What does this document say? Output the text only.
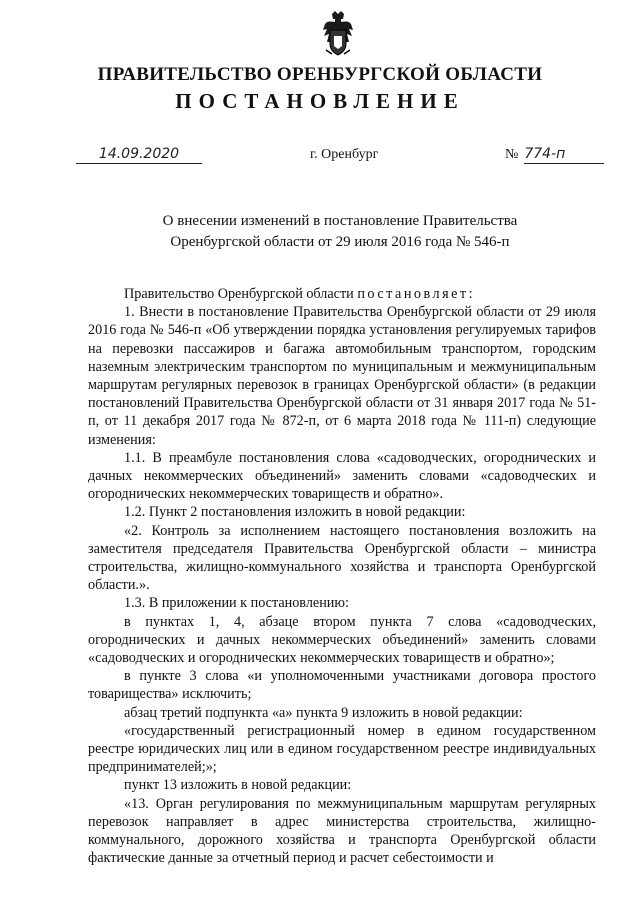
ПРАВИТЕЛЬСТВО ОРЕНБУРГСКОЙ ОБЛАСТИ
ПОСТАНОВЛЕНИЕ
14.09.2020	г. Оренбург	№ 774-п
О внесении изменений в постановление Правительства
Оренбургской области от 29 июля 2016 года № 546-п

Правительство Оренбургской области постановляет:

1. Внести в постановление Правительства Оренбургской области от 29 июля 2016 года № 546-п «Об утверждении порядка установления регулируемых тарифов на перевозки пассажиров и багажа автомобильным транспортом, городским наземным электрическим транспортом по муниципальным и межмуниципальным маршрутам регулярных перевозок в границах Оренбургской области» (в редакции постановлений Правительства Оренбургской области от 31 января 2017 года № 51-п, от 11 декабря 2017 года № 872-п, от 6 марта 2018 года № 111-п) следующие изменения:

1.1. В преамбуле постановления слова «садоводческих, огороднических и дачных некоммерческих объединений» заменить словами «садоводческих и огороднических некоммерческих товариществ и обратно».

1.2. Пункт 2 постановления изложить в новой редакции:

«2. Контроль за исполнением настоящего постановления возложить на заместителя председателя Правительства Оренбургской области – министра строительства, жилищно-коммунального хозяйства и транспорта Оренбургской области.».

1.3. В приложении к постановлению:

в пунктах 1, 4, абзаце втором пункта 7 слова «садоводческих, огороднических и дачных некоммерческих объединений» заменить словами «садоводческих и огороднических некоммерческих товариществ и обратно»;

в пункте 3 слова «и уполномоченными участниками договора простого товарищества» исключить;

абзац третий подпункта «а» пункта 9 изложить в новой редакции:

«государственный регистрационный номер в едином государственном реестре юридических лиц или в едином государственном реестре индивидуальных предпринимателей;»;

пункт 13 изложить в новой редакции:

«13. Орган регулирования по межмуниципальным маршрутам регулярных перевозок направляет в адрес министерства строительства, жилищно-коммунального, дорожного хозяйства и транспорта Оренбургской области фактические данные за отчетный период и расчет себестоимости и
